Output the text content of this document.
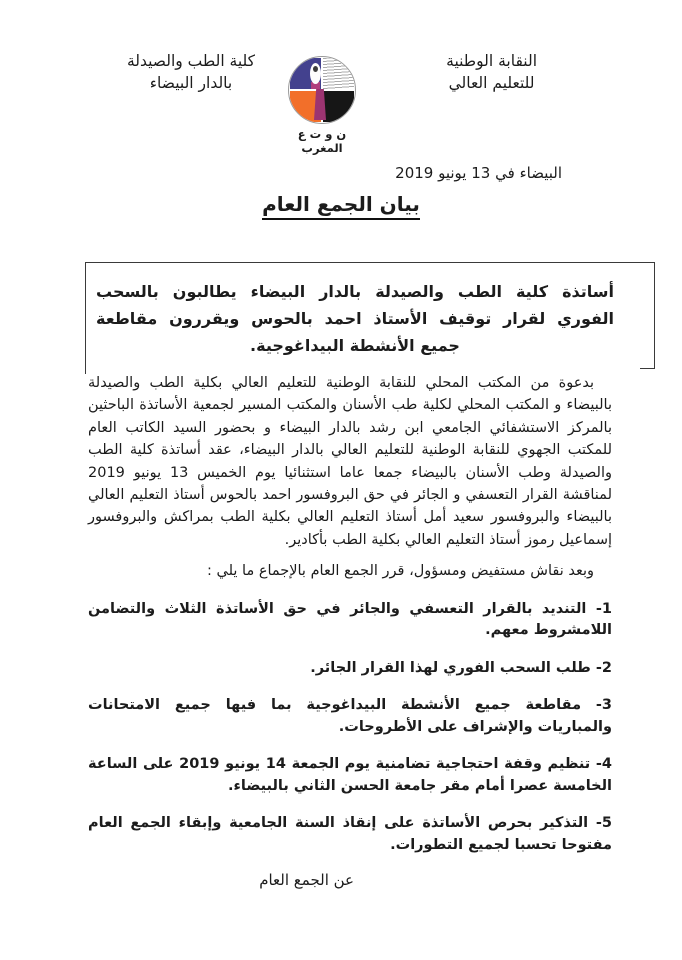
النقابة الوطنية
للتعليم العالي
ن و ت ع المغرب
كلية الطب والصيدلة
بالدار البيضاء
البيضاء في 13 يونيو 2019
بيان الجمع العام
أساتذة كلية الطب والصيدلة بالدار البيضاء يطالبون بالسحب الفوري لقرار توقيف الأستاذ احمد بالحوس ويقررون مقاطعة جميع الأنشطة البيداغوجية.

بدعوة من المكتب المحلي للنقابة الوطنية للتعليم العالي بكلية الطب والصيدلة بالبيضاء و المكتب المحلي لكلية طب الأسنان والمكتب المسير لجمعية الأساتذة الباحثين بالمركز الاستشفائي الجامعي ابن رشد بالدار البيضاء و بحضور السيد الكاتب العام للمكتب الجهوي للنقابة الوطنية للتعليم العالي بالدار البيضاء، عقد أساتذة كلية الطب والصيدلة وطب الأسنان بالبيضاء جمعا عاما استثنائيا يوم الخميس 13 يونيو 2019 لمناقشة القرار التعسفي و الجائر في حق البروفسور احمد بالحوس أستاذ التعليم العالي بالبيضاء والبروفسور سعيد أمل أستاذ التعليم العالي بكلية الطب بمراكش والبروفسور إسماعيل رموز أستاذ التعليم العالي بكلية الطب بأكادير.

وبعد نقاش مستفيض ومسؤول، قرر الجمع العام بالإجماع ما يلي :

1- التنديد بالقرار التعسفي والجائر في حق الأساتذة الثلاث والتضامن اللامشروط معهم.

2- طلب السحب الفوري لهذا القرار الجائر.

3- مقاطعة جميع الأنشطة البيداغوجية بما فيها جميع الامتحانات والمباريات والإشراف على الأطروحات.

4- تنظيم وقفة احتجاجية تضامنية يوم الجمعة 14 يونيو 2019 على الساعة الخامسة عصرا أمام مقر جامعة الحسن الثاني بالبيضاء.

5- التذكير بحرص الأساتذة على إنقاذ السنة الجامعية وإبقاء الجمع العام مفتوحا تحسبا لجميع التطورات.

عن الجمع العام
